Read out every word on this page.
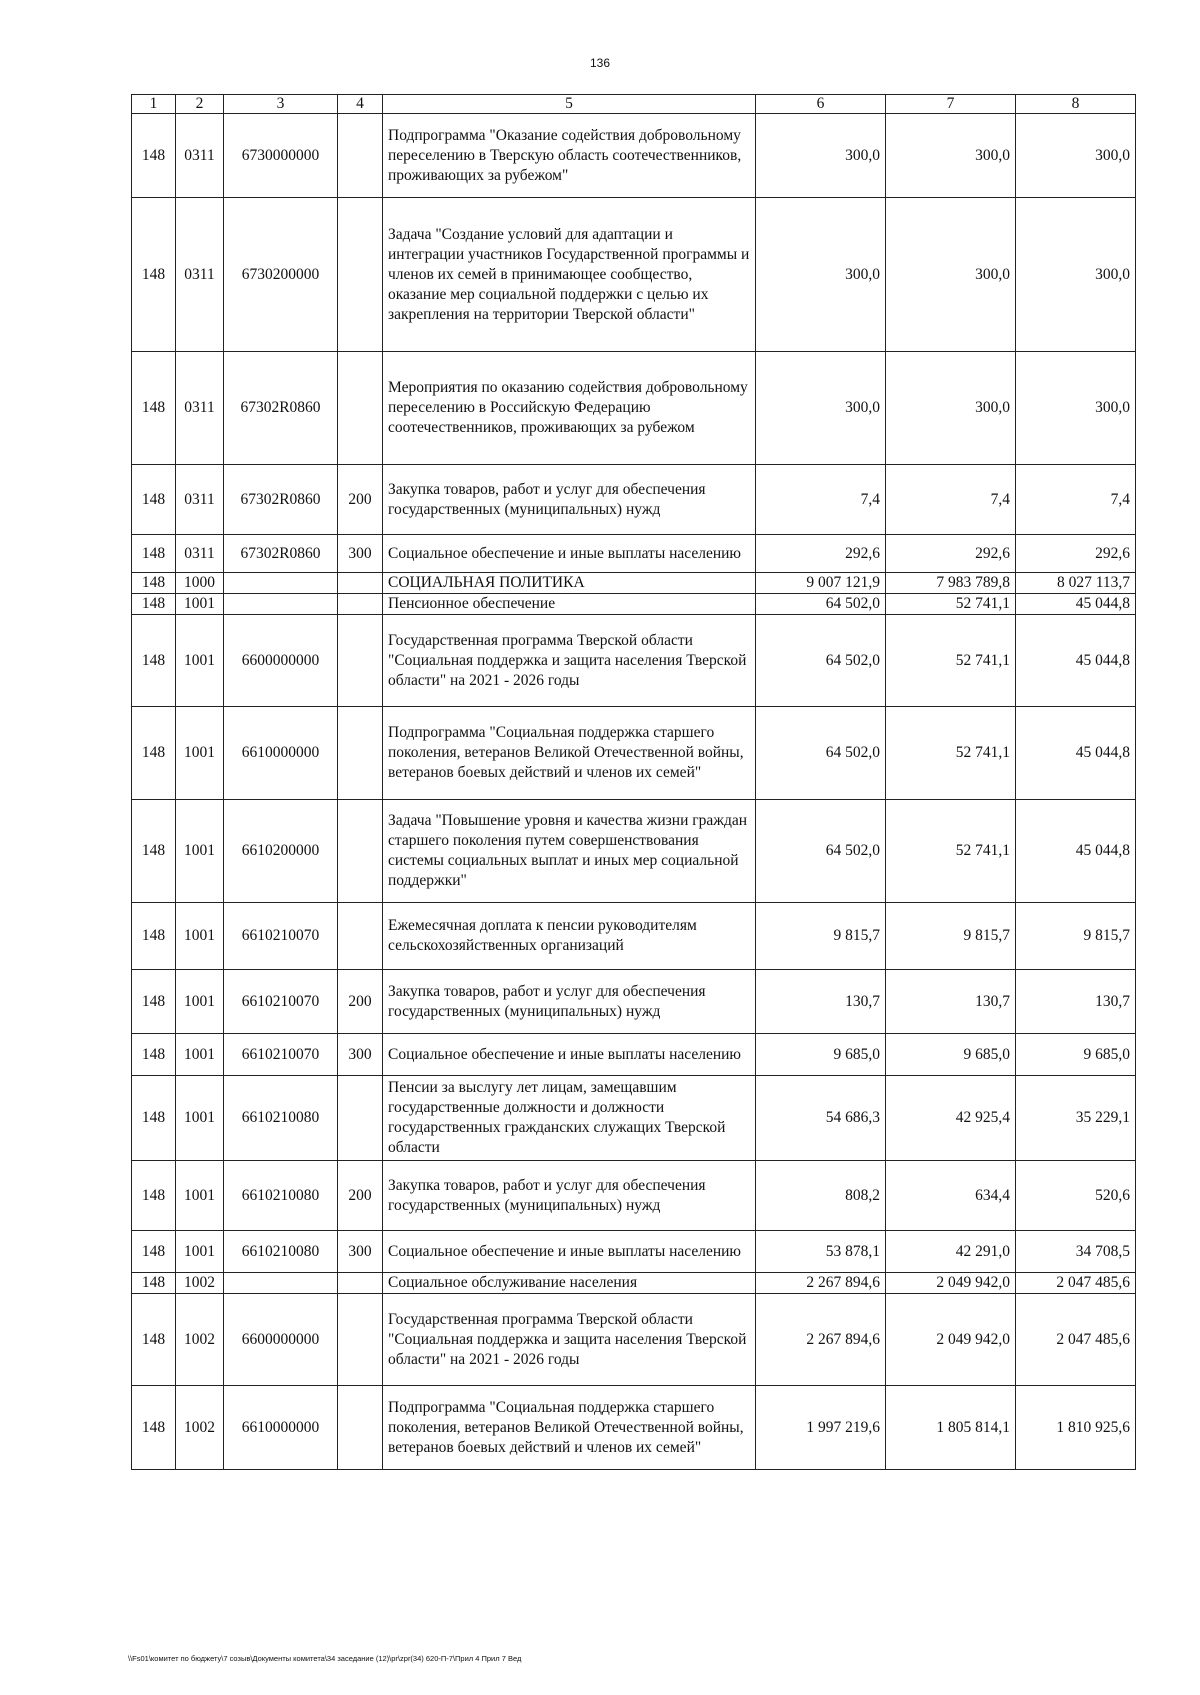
136
1	2	3	4	5	6	7	8
148	0311	6730000000		Подпрограмма "Оказание содействия добровольному переселению в Тверскую область соотечественников, проживающих за рубежом"	300,0	300,0	300,0
148	0311	6730200000		Задача "Создание условий для адаптации и интеграции участников Государственной программы и членов их семей в принимающее сообщество, оказание мер социальной поддержки с целью их закрепления на территории Тверской области"	300,0	300,0	300,0
148	0311	67302R0860		Мероприятия по оказанию содействия добровольному переселению в Российскую Федерацию соотечественников, проживающих за рубежом	300,0	300,0	300,0
148	0311	67302R0860	200	Закупка товаров, работ и услуг для обеспечения государственных (муниципальных) нужд	7,4	7,4	7,4
148	0311	67302R0860	300	Социальное обеспечение и иные выплаты населению	292,6	292,6	292,6
148	1000			СОЦИАЛЬНАЯ ПОЛИТИКА	9 007 121,9	7 983 789,8	8 027 113,7
148	1001			Пенсионное обеспечение	64 502,0	52 741,1	45 044,8
148	1001	6600000000		Государственная программа Тверской области "Социальная поддержка и защита населения Тверской области" на 2021 - 2026 годы	64 502,0	52 741,1	45 044,8
148	1001	6610000000		Подпрограмма "Социальная поддержка старшего поколения, ветеранов Великой Отечественной войны, ветеранов боевых действий и членов их семей"	64 502,0	52 741,1	45 044,8
148	1001	6610200000		Задача "Повышение уровня и качества жизни граждан старшего поколения путем совершенствования системы социальных выплат и иных мер социальной поддержки"	64 502,0	52 741,1	45 044,8
148	1001	6610210070		Ежемесячная доплата к пенсии руководителям сельскохозяйственных организаций	9 815,7	9 815,7	9 815,7
148	1001	6610210070	200	Закупка товаров, работ и услуг для обеспечения государственных (муниципальных) нужд	130,7	130,7	130,7
148	1001	6610210070	300	Социальное обеспечение и иные выплаты населению	9 685,0	9 685,0	9 685,0
148	1001	6610210080		Пенсии за выслугу лет лицам, замещавшим государственные должности и должности государственных гражданских служащих Тверской области	54 686,3	42 925,4	35 229,1
148	1001	6610210080	200	Закупка товаров, работ и услуг для обеспечения государственных (муниципальных) нужд	808,2	634,4	520,6
148	1001	6610210080	300	Социальное обеспечение и иные выплаты населению	53 878,1	42 291,0	34 708,5
148	1002			Социальное обслуживание населения	2 267 894,6	2 049 942,0	2 047 485,6
148	1002	6600000000		Государственная программа Тверской области "Социальная поддержка и защита населения Тверской области" на 2021 - 2026 годы	2 267 894,6	2 049 942,0	2 047 485,6
148	1002	6610000000		Подпрограмма "Социальная поддержка старшего поколения, ветеранов Великой Отечественной войны, ветеранов боевых действий и членов их семей"	1 997 219,6	1 805 814,1	1 810 925,6
\\Fs01\комитет по бюджету\7 созыв\Документы комитета\34 заседание (12)\pr\zpr(34) 620-П-7\Прил 4 Прил 7 Вед
